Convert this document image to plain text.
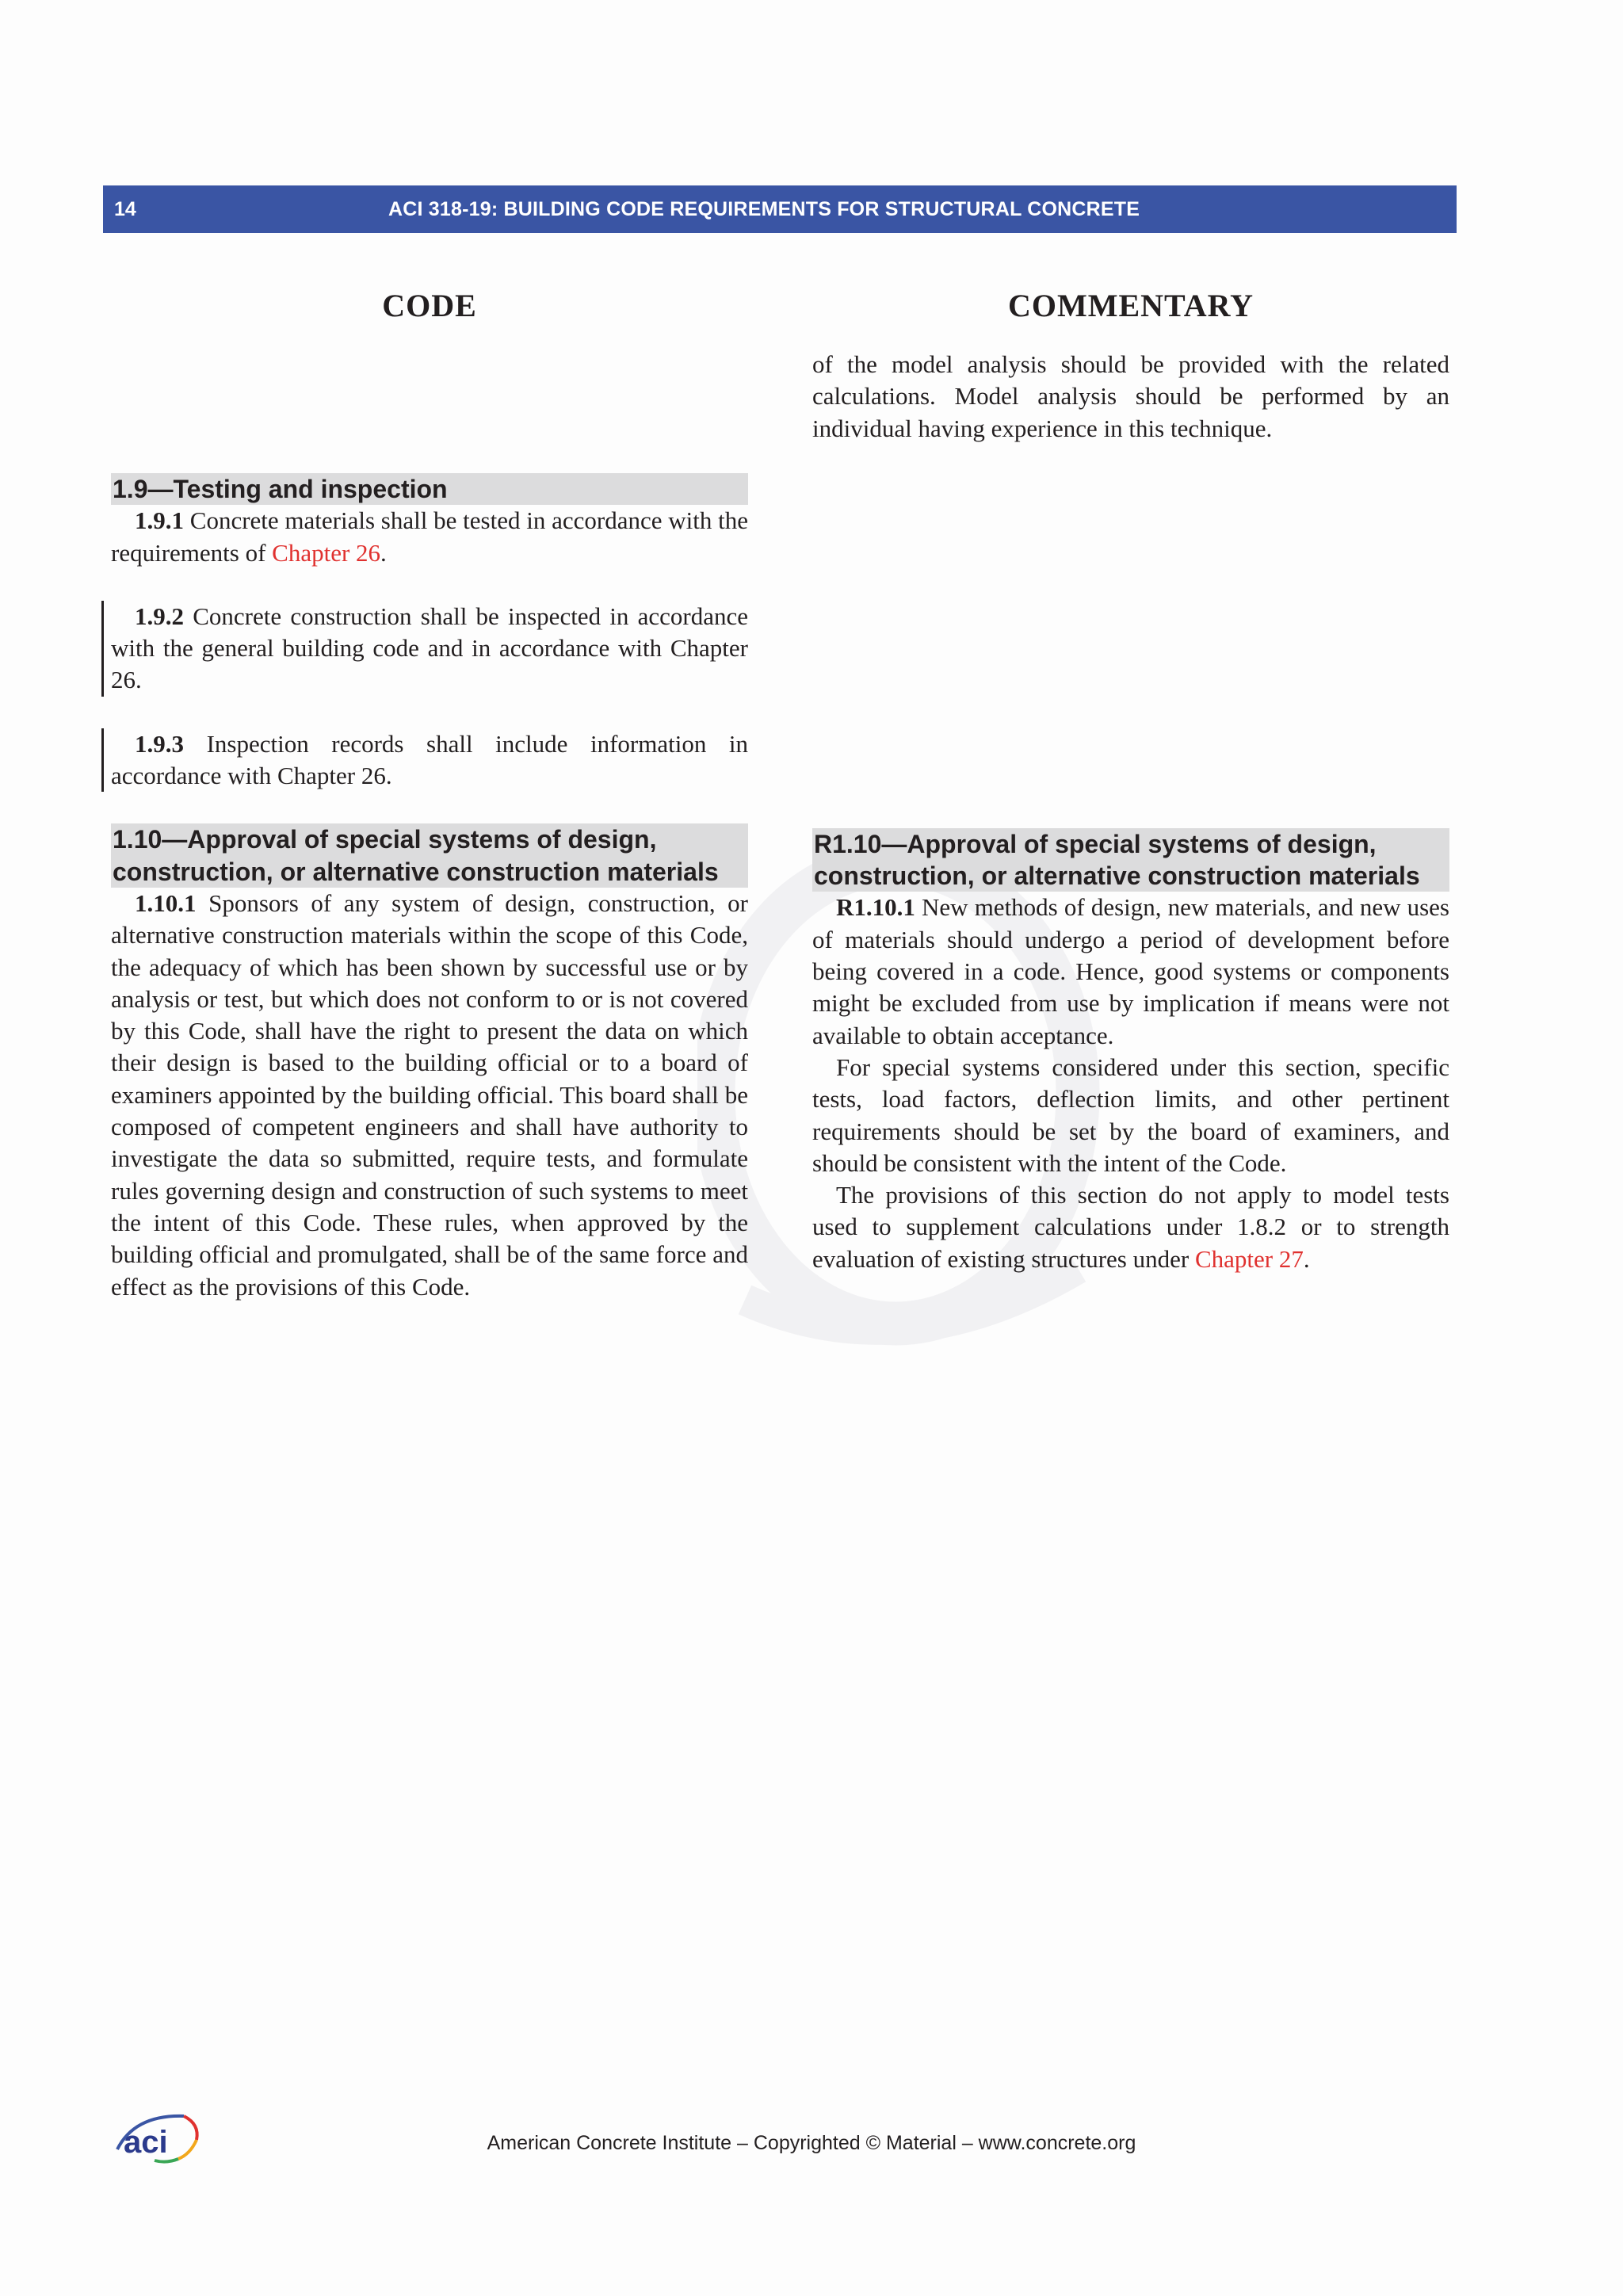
14	ACI 318-19: BUILDING CODE REQUIREMENTS FOR STRUCTURAL CONCRETE
CODE	COMMENTARY
1.9—Testing and inspection

1.9.1 Concrete materials shall be tested in accordance with the requirements of Chapter 26.

1.9.2 Concrete construction shall be inspected in accordance with the general building code and in accordance with Chapter 26.

1.9.3 Inspection records shall include information in accordance with Chapter 26.

1.10—Approval of special systems of design,
construction, or alternative construction materials

1.10.1 Sponsors of any system of design, construction, or alternative construction materials within the scope of this Code, the adequacy of which has been shown by successful use or by analysis or test, but which does not conform to or is not covered by this Code, shall have the right to present the data on which their design is based to the building official or to a board of examiners appointed by the building official. This board shall be composed of competent engineers and shall have authority to investigate the data so submitted, require tests, and formulate rules governing design and construction of such systems to meet the intent of this Code. These rules, when approved by the building official and promulgated, shall be of the same force and effect as the provisions of this Code.

of the model analysis should be provided with the related calculations. Model analysis should be performed by an individual having experience in this technique.

R1.10—Approval of special systems of design,
construction, or alternative construction materials

R1.10.1 New methods of design, new materials, and new uses of materials should undergo a period of development before being covered in a code. Hence, good systems or components might be excluded from use by implication if means were not available to obtain acceptance.

For special systems considered under this section, specific tests, load factors, deflection limits, and other pertinent requirements should be set by the board of examiners, and should be consistent with the intent of the Code.

The provisions of this section do not apply to model tests used to supplement calculations under 1.8.2 or to strength evaluation of existing structures under Chapter 27.

aci	American Concrete Institute – Copyrighted © Material – www.concrete.org
